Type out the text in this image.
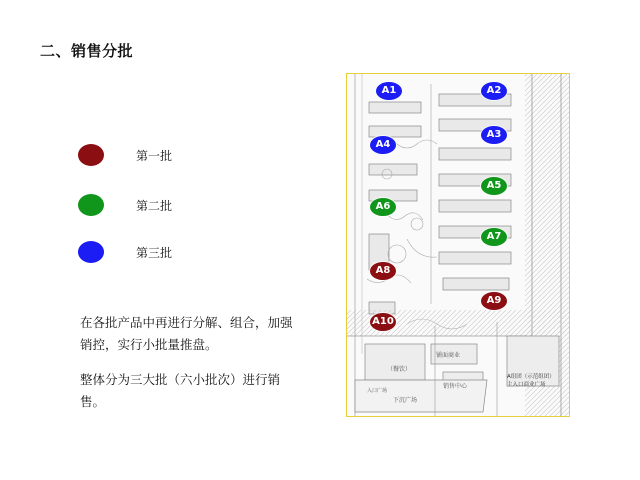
二、销售分批
第一批
第二批
第三批
在各批产品中再进行分解、组合，加强销控，实行小批量推盘。
整体分为三大批（六小批次）进行销售。
（餐饮）
铺面商业
销售中心
下沉广场
入口广场
A组团（示范组团）
主入口商业广场
A1	A2
A3
A4
A5
A6
A7
A8
A9
A10
